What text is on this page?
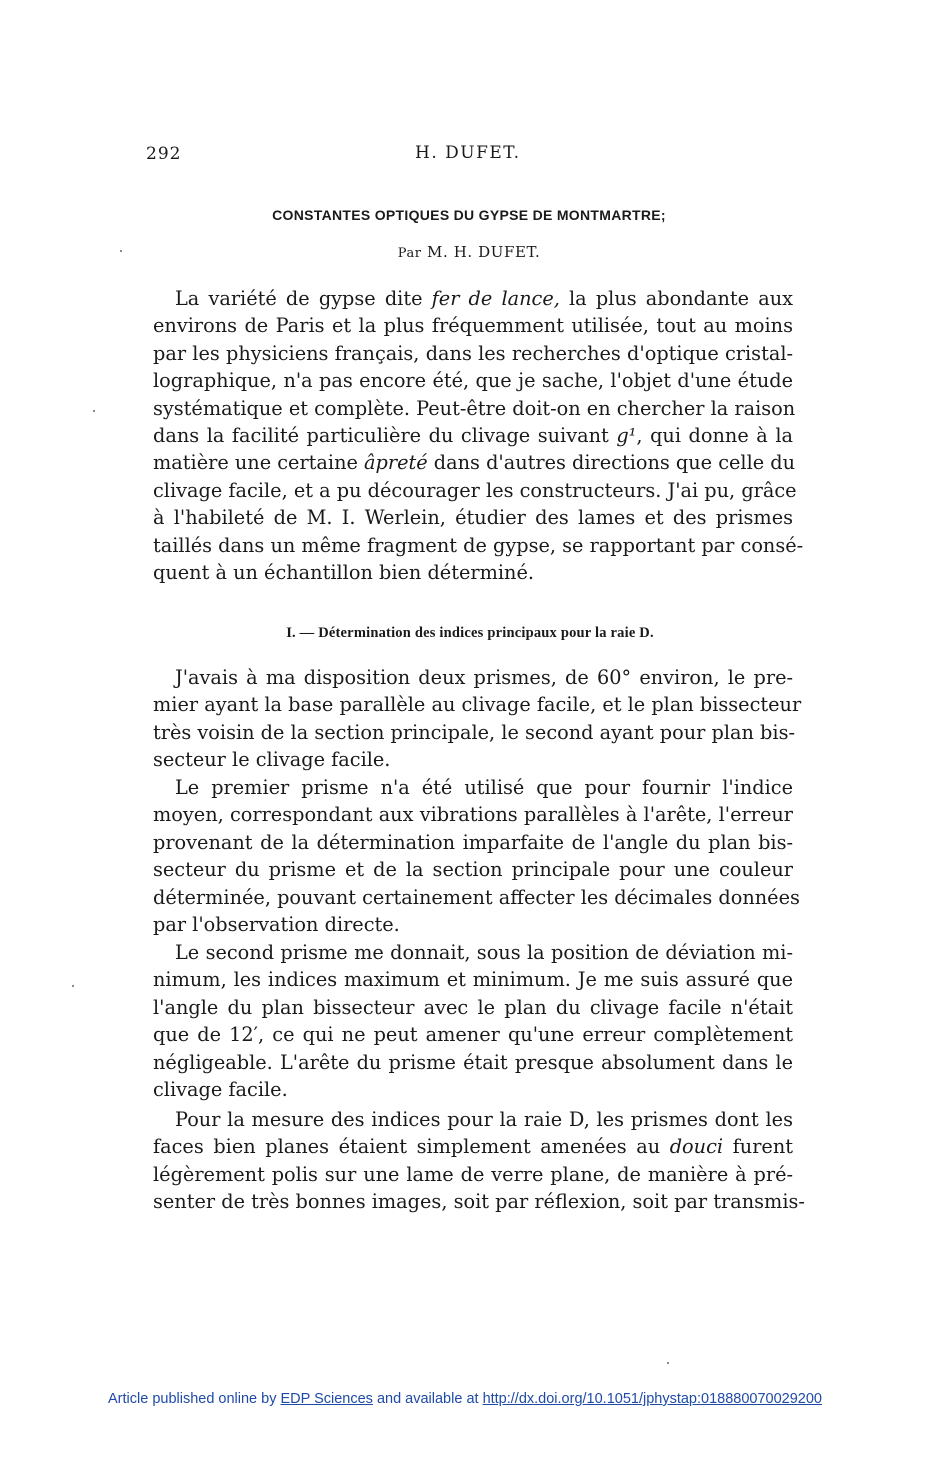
292	H. DUFET.
CONSTANTES OPTIQUES DU GYPSE DE MONTMARTRE;
Par M. H. DUFET.
La variété de gypse dite fer de lance, la plus abondante aux
environs de Paris et la plus fréquemment utilisée, tout au moins
par les physiciens français, dans les recherches d'optique cristal-
lographique, n'a pas encore été, que je sache, l'objet d'une étude
systématique et complète. Peut-être doit-on en chercher la raison
dans la facilité particulière du clivage suivant g¹, qui donne à la
matière une certaine âpreté dans d'autres directions que celle du
clivage facile, et a pu décourager les constructeurs. J'ai pu, grâce
à l'habileté de M. I. Werlein, étudier des lames et des prismes
taillés dans un même fragment de gypse, se rapportant par consé-
quent à un échantillon bien déterminé.
I. — Détermination des indices principaux pour la raie D.
J'avais à ma disposition deux prismes, de 60° environ, le pre-
mier ayant la base parallèle au clivage facile, et le plan bissecteur
très voisin de la section principale, le second ayant pour plan bis-
secteur le clivage facile.
Le premier prisme n'a été utilisé que pour fournir l'indice
moyen, correspondant aux vibrations parallèles à l'arête, l'erreur
provenant de la détermination imparfaite de l'angle du plan bis-
secteur du prisme et de la section principale pour une couleur
déterminée, pouvant certainement affecter les décimales données
par l'observation directe.
Le second prisme me donnait, sous la position de déviation mi-
nimum, les indices maximum et minimum. Je me suis assuré que
l'angle du plan bissecteur avec le plan du clivage facile n'était
que de 12′, ce qui ne peut amener qu'une erreur complètement
négligeable. L'arête du prisme était presque absolument dans le
clivage facile.
Pour la mesure des indices pour la raie D, les prismes dont les
faces bien planes étaient simplement amenées au douci furent
légèrement polis sur une lame de verre plane, de manière à pré-
senter de très bonnes images, soit par réflexion, soit par transmis-
Article published online by EDP Sciences and available at http://dx.doi.org/10.1051/jphystap:018880070029200
